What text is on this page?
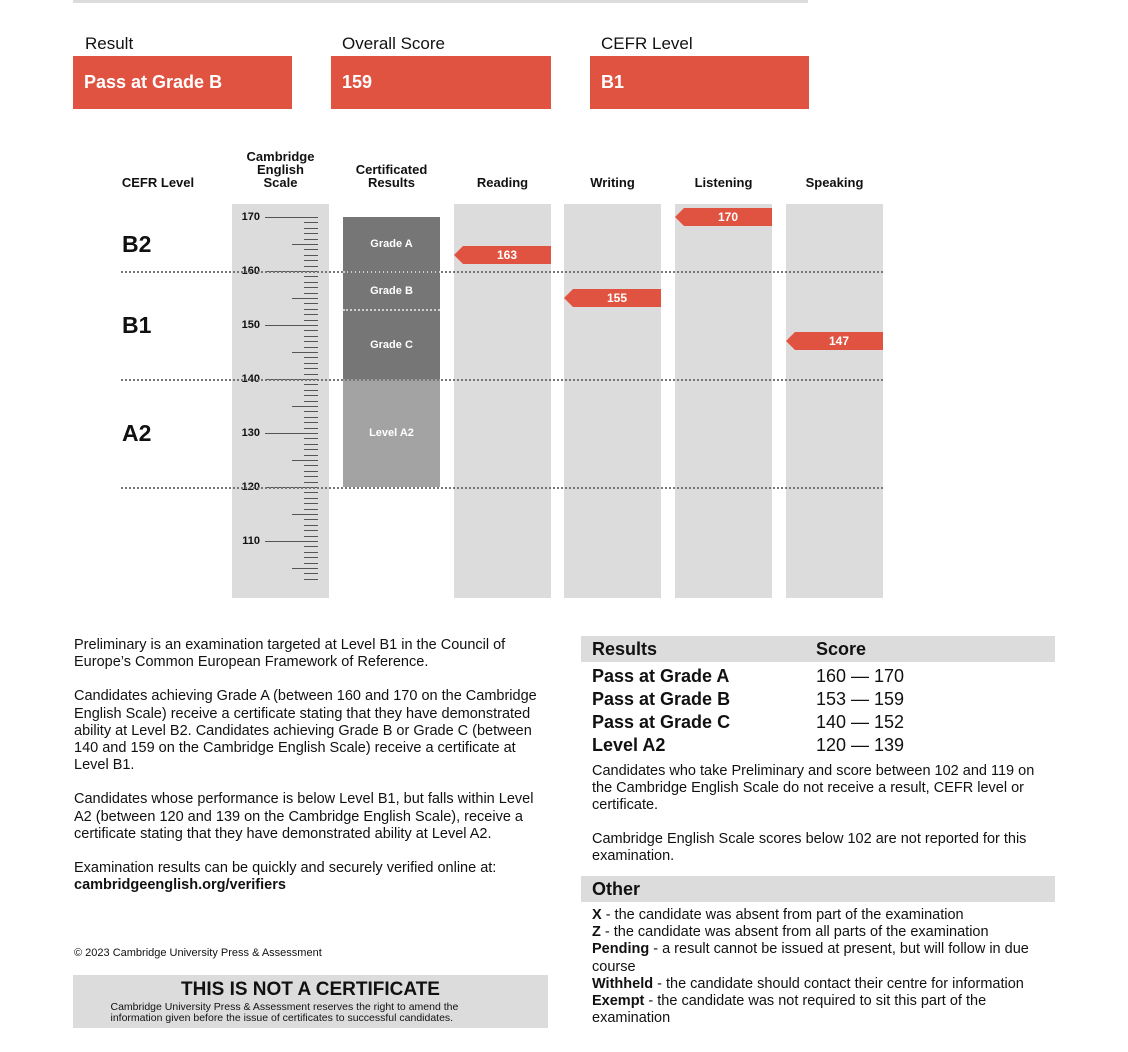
Result
Pass at Grade B
Overall Score
159
CEFR Level
B1
CEFR Level
Cambridge
English
Scale
Certificated
Results	Reading	Writing	Listening	Speaking
B2
B1
A2
170
160
150
140
130
120
110
Grade A
Grade B
Grade C
Level A2
163
155
170
147

Preliminary is an examination targeted at Level B1 in the Council of Europe’s Common European Framework of Reference.

Candidates achieving Grade A (between 160 and 170 on the Cambridge English Scale) receive a certificate stating that they have demonstrated ability at Level B2. Candidates achieving Grade B or Grade C (between 140 and 159 on the Cambridge English Scale) receive a certificate at Level B1.

Candidates whose performance is below Level B1, but falls within Level A2 (between 120 and 139 on the Cambridge English Scale), receive a certificate stating that they have demonstrated ability at Level A2.

Examination results can be quickly and securely verified online at:

cambridgeenglish.org/verifiers
© 2023 Cambridge University Press & Assessment
THIS IS NOT A CERTIFICATE
Cambridge University Press & Assessment reserves the right to amend the information given before the issue of certificates to successful candidates.
Results	Score
Pass at Grade A	160 — 170
Pass at Grade B	153 — 159
Pass at Grade C	140 — 152
Level A2	120 — 139
Candidates who take Preliminary and score between 102 and 119 on the Cambridge English Scale do not receive a result, CEFR level or certificate.
Cambridge English Scale scores below 102 are not reported for this examination.
Other
X - the candidate was absent from part of the examination
Z - the candidate was absent from all parts of the examination
Pending - a result cannot be issued at present, but will follow in due course
Withheld - the candidate should contact their centre for information
Exempt - the candidate was not required to sit this part of the examination
